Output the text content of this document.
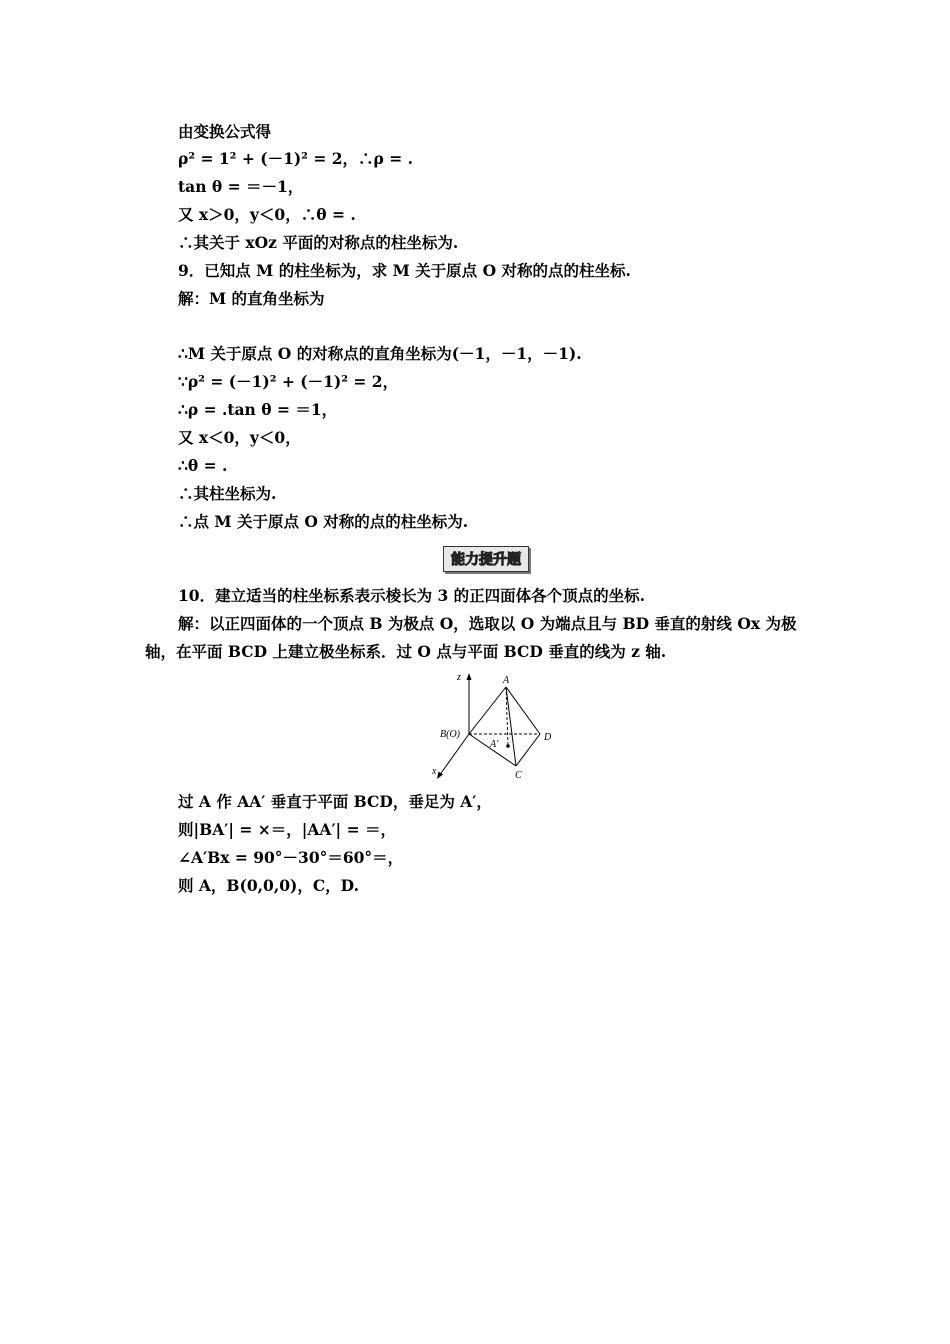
由变换公式得
ρ² = 1² + (－1)² = 2，∴ρ = .
tan θ = ＝－1，
又 x＞0，y＜0，∴θ = .
∴其关于 xOz 平面的对称点的柱坐标为.
9．已知点 M 的柱坐标为，求 M 关于原点 O 对称的点的柱坐标.
解：M 的直角坐标为
∴M 关于原点 O 的对称点的直角坐标为(－1，－1，－1).
∵ρ² = (－1)² + (－1)² = 2，
∴ρ = .tan θ = ＝1，
又 x＜0，y＜0，
∴θ = .
∴其柱坐标为.
∴点 M 关于原点 O 对称的点的柱坐标为.
能力提升题
10．建立适当的柱坐标系表示棱长为 3 的正四面体各个顶点的坐标.
解：以正四面体的一个顶点 B 为极点 O，选取以 O 为端点且与 BD 垂直的射线 Ox 为极
轴，在平面 BCD 上建立极坐标系．过 O 点与平面 BCD 垂直的线为 z 轴.
z	A
B(O)
A′
D
x	C
过 A 作 AA′ 垂直于平面 BCD，垂足为 A′，
则|BA′| = ×＝，|AA′| = ＝，
∠A′Bx = 90°－30°＝60°＝，
则 A，B(0,0,0)，C，D.
